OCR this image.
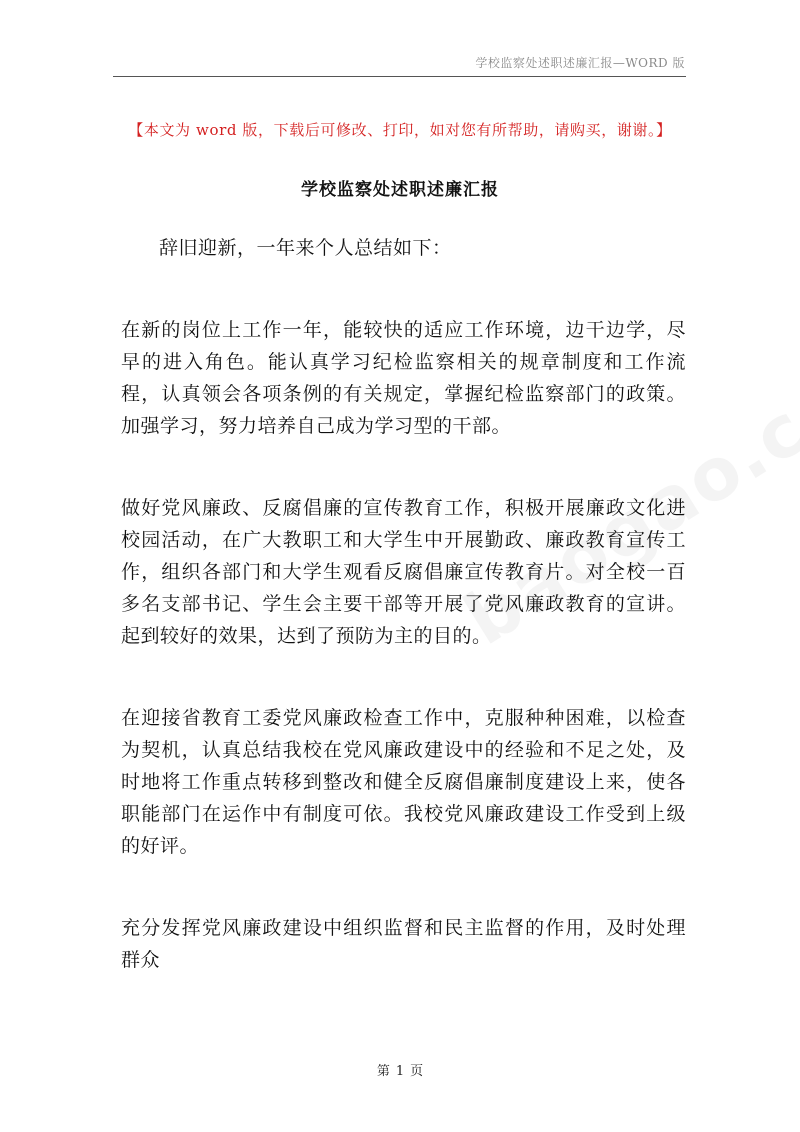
学校监察处述职述廉汇报—WORD 版
【本文为 word 版，下载后可修改、打印，如对您有所帮助，请购买，谢谢。】
学校监察处述职述廉汇报

辞旧迎新，一年来个人总结如下：

在新的岗位上工作一年，能较快的适应工作环境，边干边学，尽早的进入角色。能认真学习纪检监察相关的规章制度和工作流程，认真领会各项条例的有关规定，掌握纪检监察部门的政策。加强学习，努力培养自己成为学习型的干部。

做好党风廉政、反腐倡廉的宣传教育工作，积极开展廉政文化进校园活动，在广大教职工和大学生中开展勤政、廉政教育宣传工作，组织各部门和大学生观看反腐倡廉宣传教育片。对全校一百多名支部书记、学生会主要干部等开展了党风廉政教育的宣讲。起到较好的效果，达到了预防为主的目的。

在迎接省教育工委党风廉政检查工作中，克服种种困难，以检查为契机，认真总结我校在党风廉政建设中的经验和不足之处，及时地将工作重点转移到整改和健全反腐倡廉制度建设上来，使各职能部门在运作中有制度可依。我校党风廉政建设工作受到上级的好评。

充分发挥党风廉政建设中组织监督和民主监督的作用，及时处理群众

第 1 页
